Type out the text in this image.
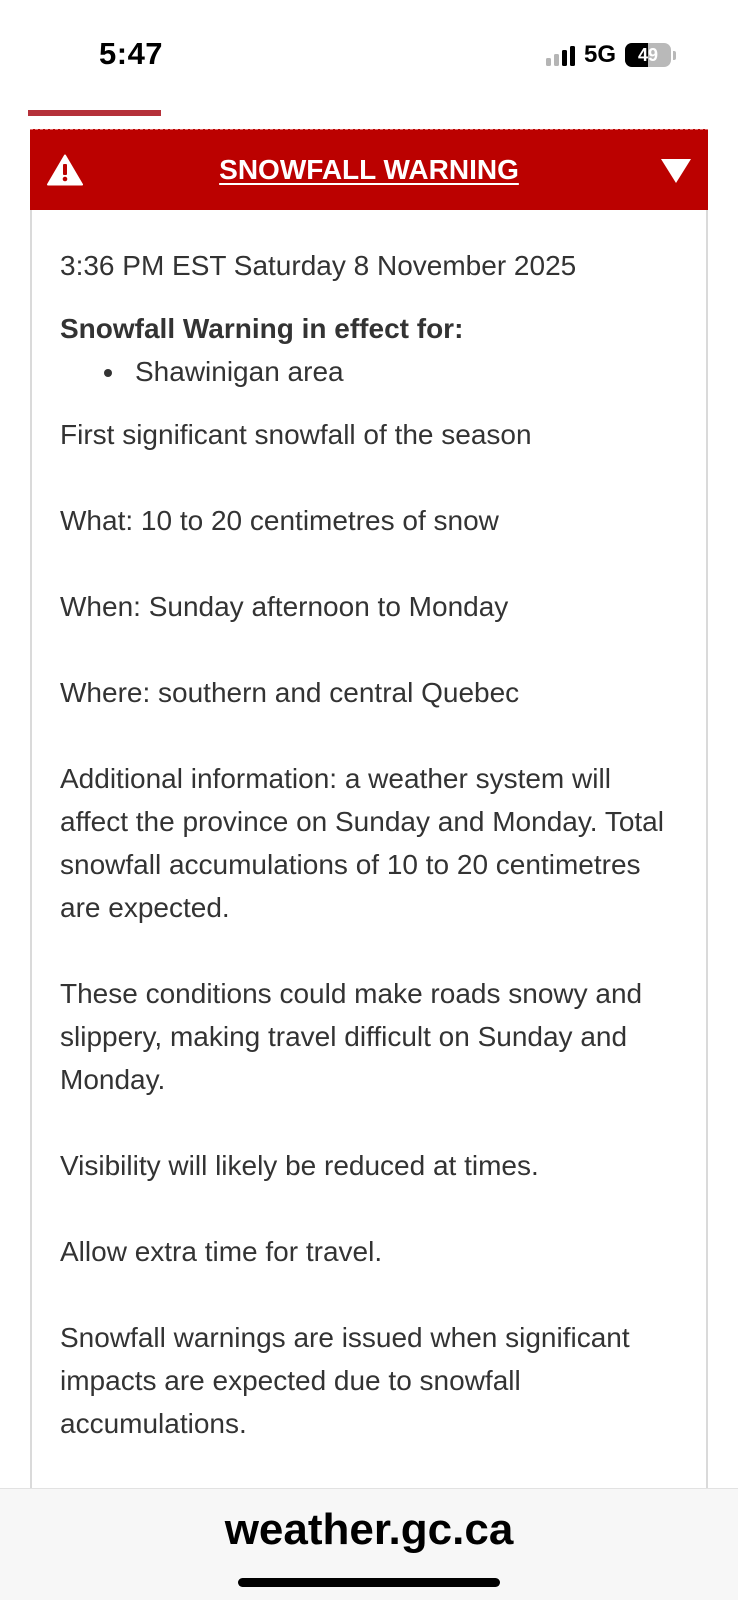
5:47	5G 49
SNOWFALL WARNING
3:36 PM EST Saturday 8 November 2025
Snowfall Warning in effect for:
Shawinigan area

First significant snowfall of the season

What: 10 to 20 centimetres of snow

When: Sunday afternoon to Monday

Where: southern and central Quebec

Additional information: a weather system will affect the province on Sunday and Monday. Total snowfall accumulations of 10 to 20 centimetres are expected.

These conditions could make roads snowy and slippery, making travel difficult on Sunday and Monday.

Visibility will likely be reduced at times.

Allow extra time for travel.

Snowfall warnings are issued when significant impacts are expected due to snowfall accumulations.

weather.gc.ca
